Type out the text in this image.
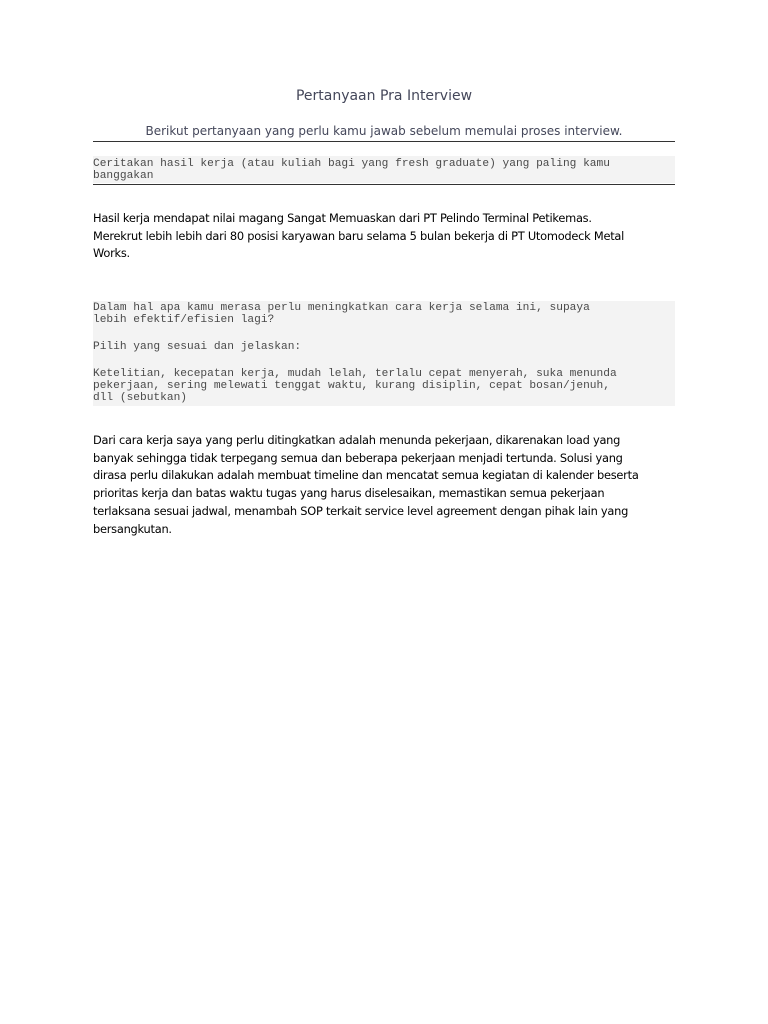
Pertanyaan Pra Interview
Berikut pertanyaan yang perlu kamu jawab sebelum memulai proses interview.
Ceritakan hasil kerja (atau kuliah bagi yang fresh graduate) yang paling kamu
banggakan
Hasil kerja mendapat nilai magang Sangat Memuaskan dari PT Pelindo Terminal Petikemas.
Merekrut lebih lebih dari 80 posisi karyawan baru selama 5 bulan bekerja di PT Utomodeck Metal
Works.
Dalam hal apa kamu merasa perlu meningkatkan cara kerja selama ini, supaya
lebih efektif/efisien lagi?
Pilih yang sesuai dan jelaskan:
Ketelitian, kecepatan kerja, mudah lelah, terlalu cepat menyerah, suka menunda
pekerjaan, sering melewati tenggat waktu, kurang disiplin, cepat bosan/jenuh,
dll (sebutkan)
Dari cara kerja saya yang perlu ditingkatkan adalah menunda pekerjaan, dikarenakan load yang
banyak sehingga tidak terpegang semua dan beberapa pekerjaan menjadi tertunda. Solusi yang
dirasa perlu dilakukan adalah membuat timeline dan mencatat semua kegiatan di kalender beserta
prioritas kerja dan batas waktu tugas yang harus diselesaikan, memastikan semua pekerjaan
terlaksana sesuai jadwal, menambah SOP terkait service level agreement dengan pihak lain yang
bersangkutan.
